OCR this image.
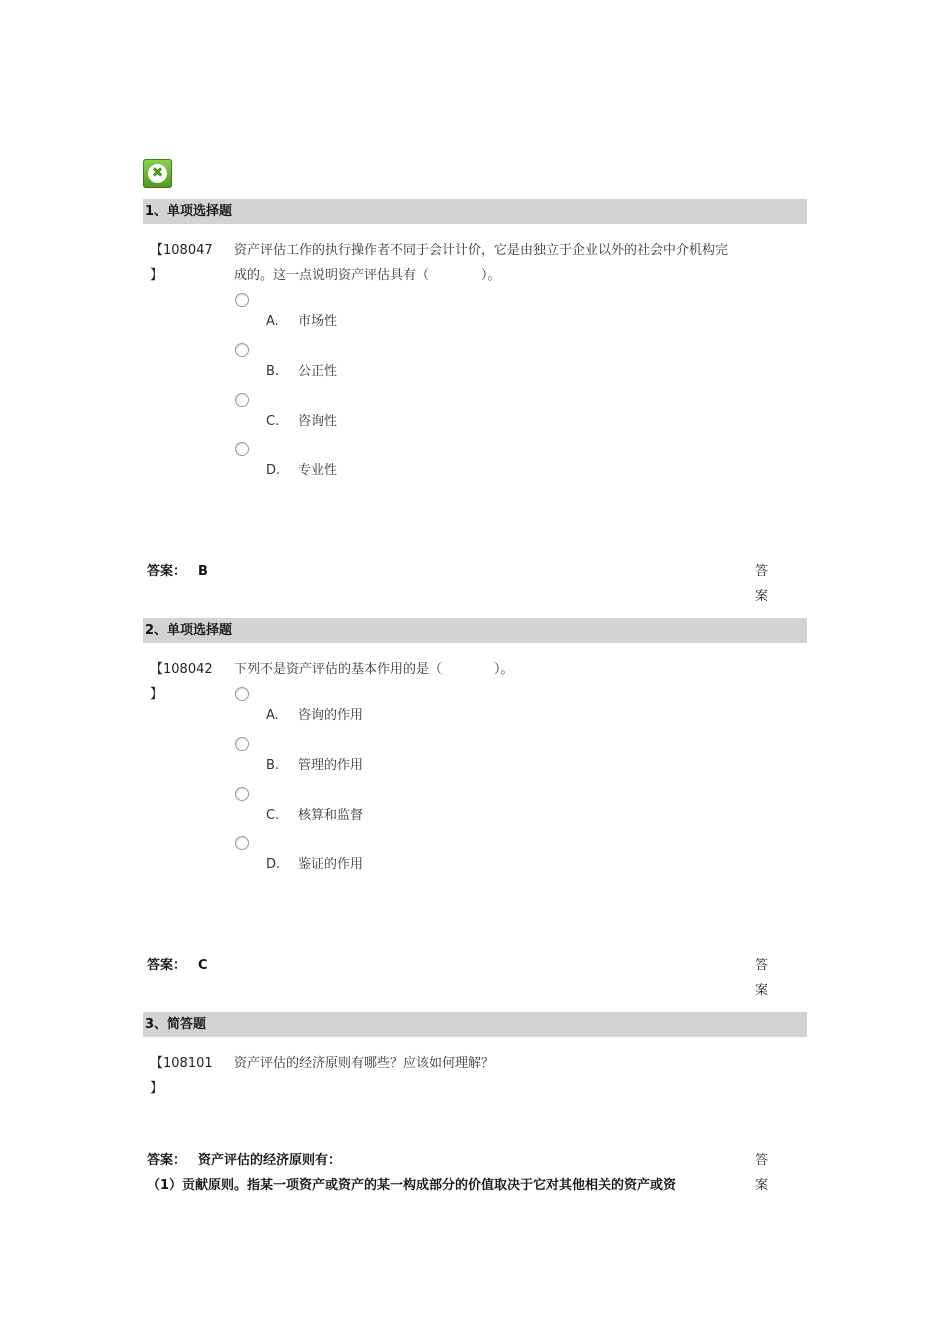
✖
1、单项选择题
【108047
】
资产评估工作的执行操作者不同于会计计价，它是由独立于企业以外的社会中介机构完成的。这一点说明资产评估具有（　　　　）。
A. 市场性
B. 公正性
C. 咨询性
D. 专业性
答案： B	答案
2、单项选择题
【108042
】
下列不是资产评估的基本作用的是（　　　　）。
A. 咨询的作用
B. 管理的作用
C. 核算和监督
D. 鉴证的作用
答案： C	答案
3、简答题
【108101
】
资产评估的经济原则有哪些？应该如何理解？
答案： 资产评估的经济原则有：
（1）贡献原则。指某一项资产或资产的某一构成部分的价值取决于它对其他相关的资产或资
答案
